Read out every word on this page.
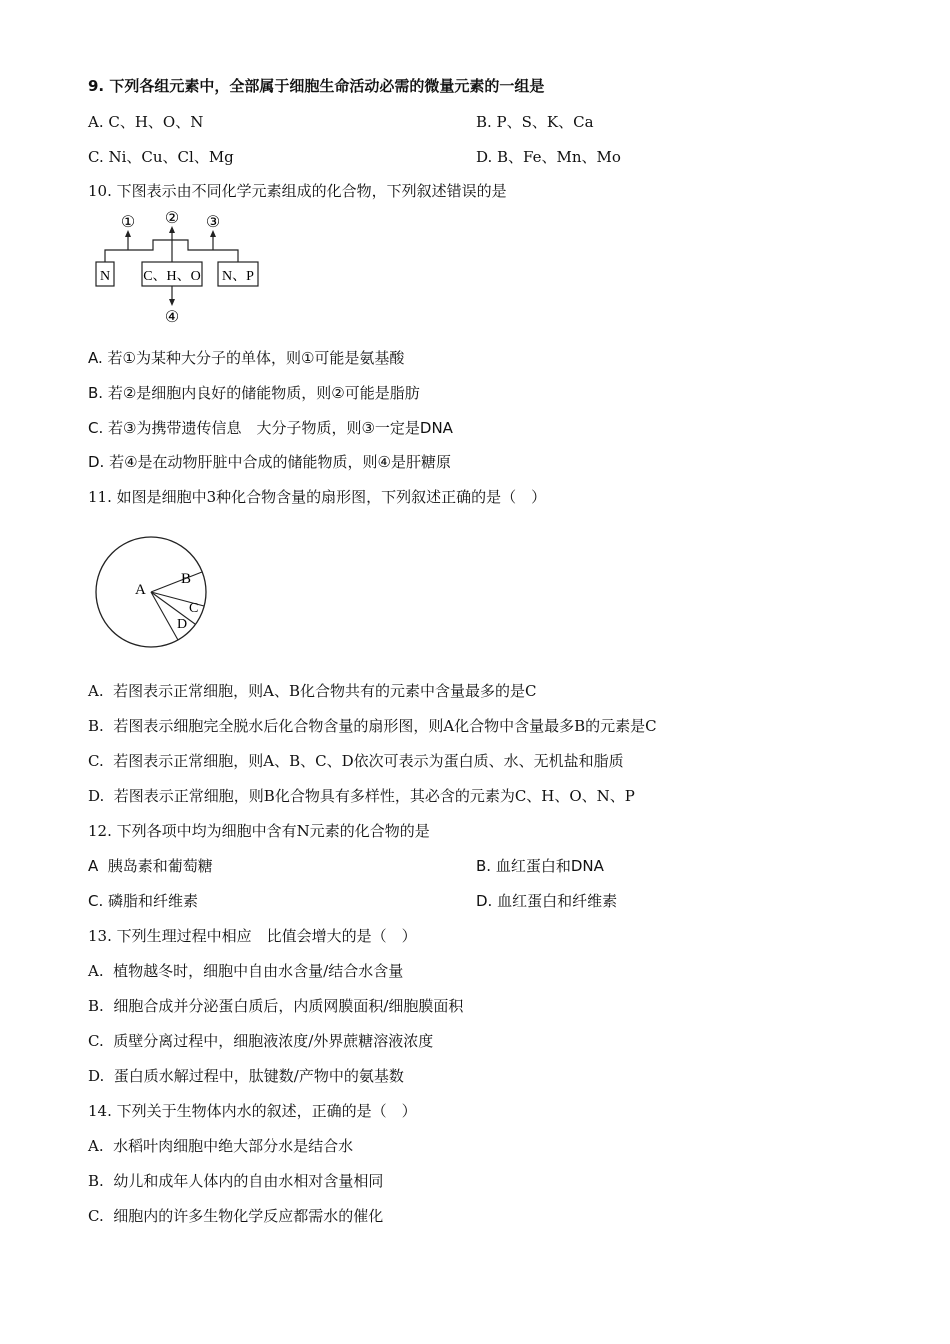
9. 下列各组元素中，全部属于细胞生命活动必需的微量元素的一组是
A. C、H、O、N	B. P、S、K、Ca
C. Ni、Cu、Cl、Mg	D. B、Fe、Mn、Mo
10. 下图表示由不同化学元素组成的化合物，下列叙述错误的是
① ② ③
④
N C、H、O N、P
A. 若①为某种大分子的单体，则①可能是氨基酸
B. 若②是细胞内良好的储能物质，则②可能是脂肪
C. 若③为携带遗传信息　大分子物质，则③一定是DNA
D. 若④是在动物肝脏中合成的储能物质，则④是肝糖原
11. 如图是细胞中3种化合物含量的扇形图，下列叙述正确的是（　）
A
B
C
D
A.  若图表示正常细胞，则A、B化合物共有的元素中含量最多的是C
B.  若图表示细胞完全脱水后化合物含量的扇形图，则A化合物中含量最多B的元素是C
C.  若图表示正常细胞，则A、B、C、D依次可表示为蛋白质、水、无机盐和脂质
D.  若图表示正常细胞，则B化合物具有多样性，其必含的元素为C、H、O、N、P
12. 下列各项中均为细胞中含有N元素的化合物的是
A  胰岛素和葡萄糖	B. 血红蛋白和DNA
C. 磷脂和纤维素	D. 血红蛋白和纤维素
13. 下列生理过程中相应　比值会增大的是（　）
A.  植物越冬时，细胞中自由水含量/结合水含量
B.  细胞合成并分泌蛋白质后，内质网膜面积/细胞膜面积
C.  质壁分离过程中，细胞液浓度/外界蔗糖溶液浓度
D.  蛋白质水解过程中，肽键数/产物中的氨基数
14. 下列关于生物体内水的叙述，正确的是（　）
A.  水稻叶肉细胞中绝大部分水是结合水
B.  幼儿和成年人体内的自由水相对含量相同
C.  细胞内的许多生物化学反应都需水的催化
